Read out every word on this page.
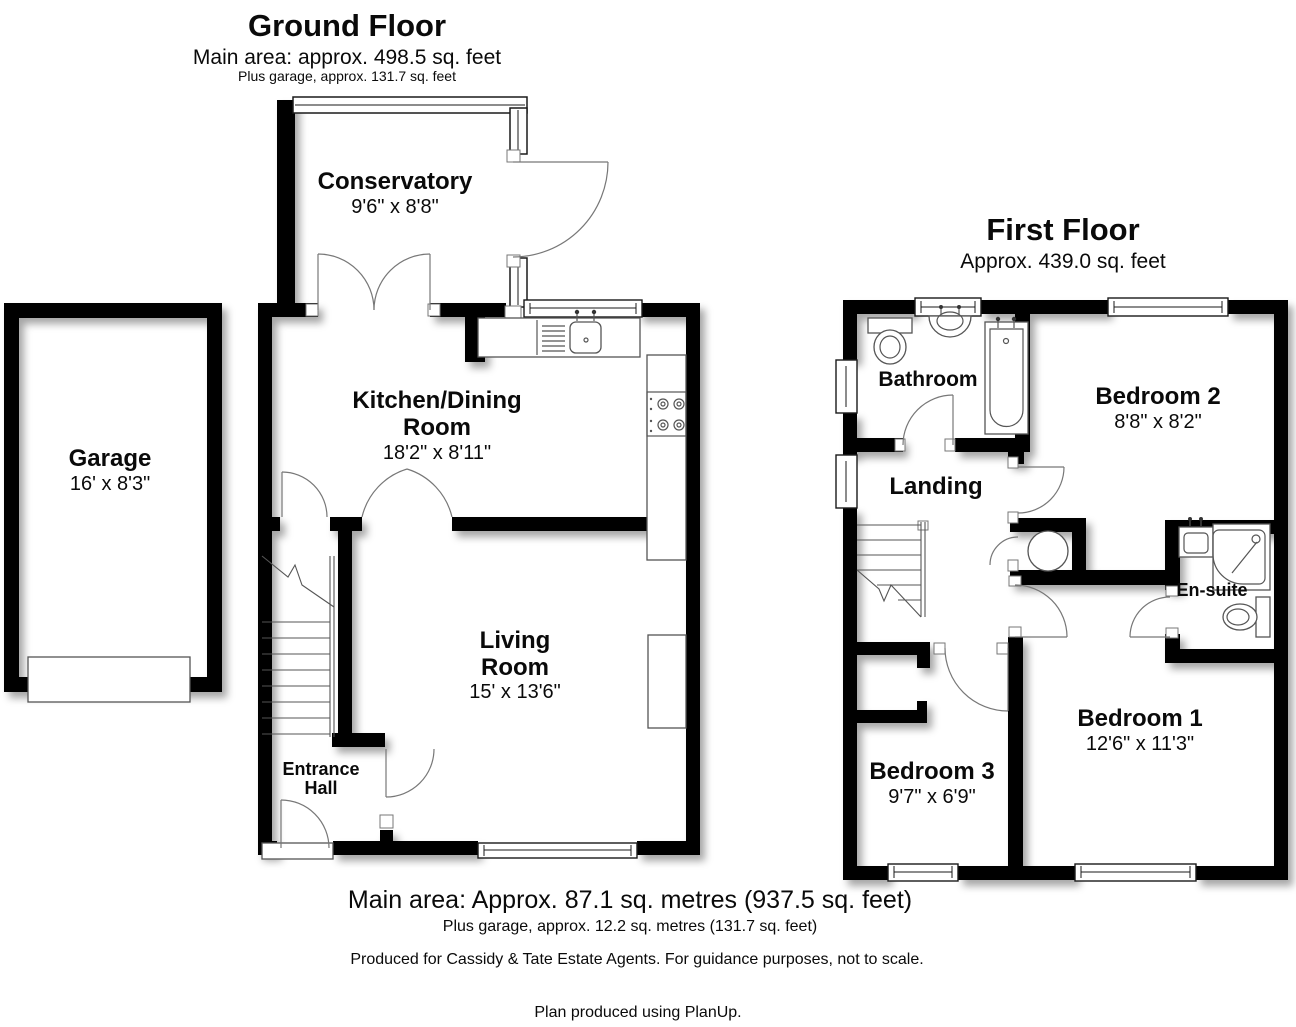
Ground Floor
Main area: approx. 498.5 sq. feet
Plus garage, approx. 131.7 sq. feet
Conservatory
9'6" x 8'8"
Garage
16' x 8'3"
Kitchen/Dining
Room
18'2" x 8'11"
Living
Room
15' x 13'6"
Entrance
Hall
First Floor
Approx. 439.0 sq. feet
Bathroom
Bedroom 2
8'8" x 8'2"
Landing
En-suite
Bedroom 1
12'6" x 11'3"
Bedroom 3
9'7" x 6'9"
Main area: Approx. 87.1 sq. metres (937.5 sq. feet)
Plus garage, approx. 12.2 sq. metres (131.7 sq. feet)
Produced for Cassidy & Tate Estate Agents. For guidance purposes, not to scale.
Plan produced using PlanUp.
